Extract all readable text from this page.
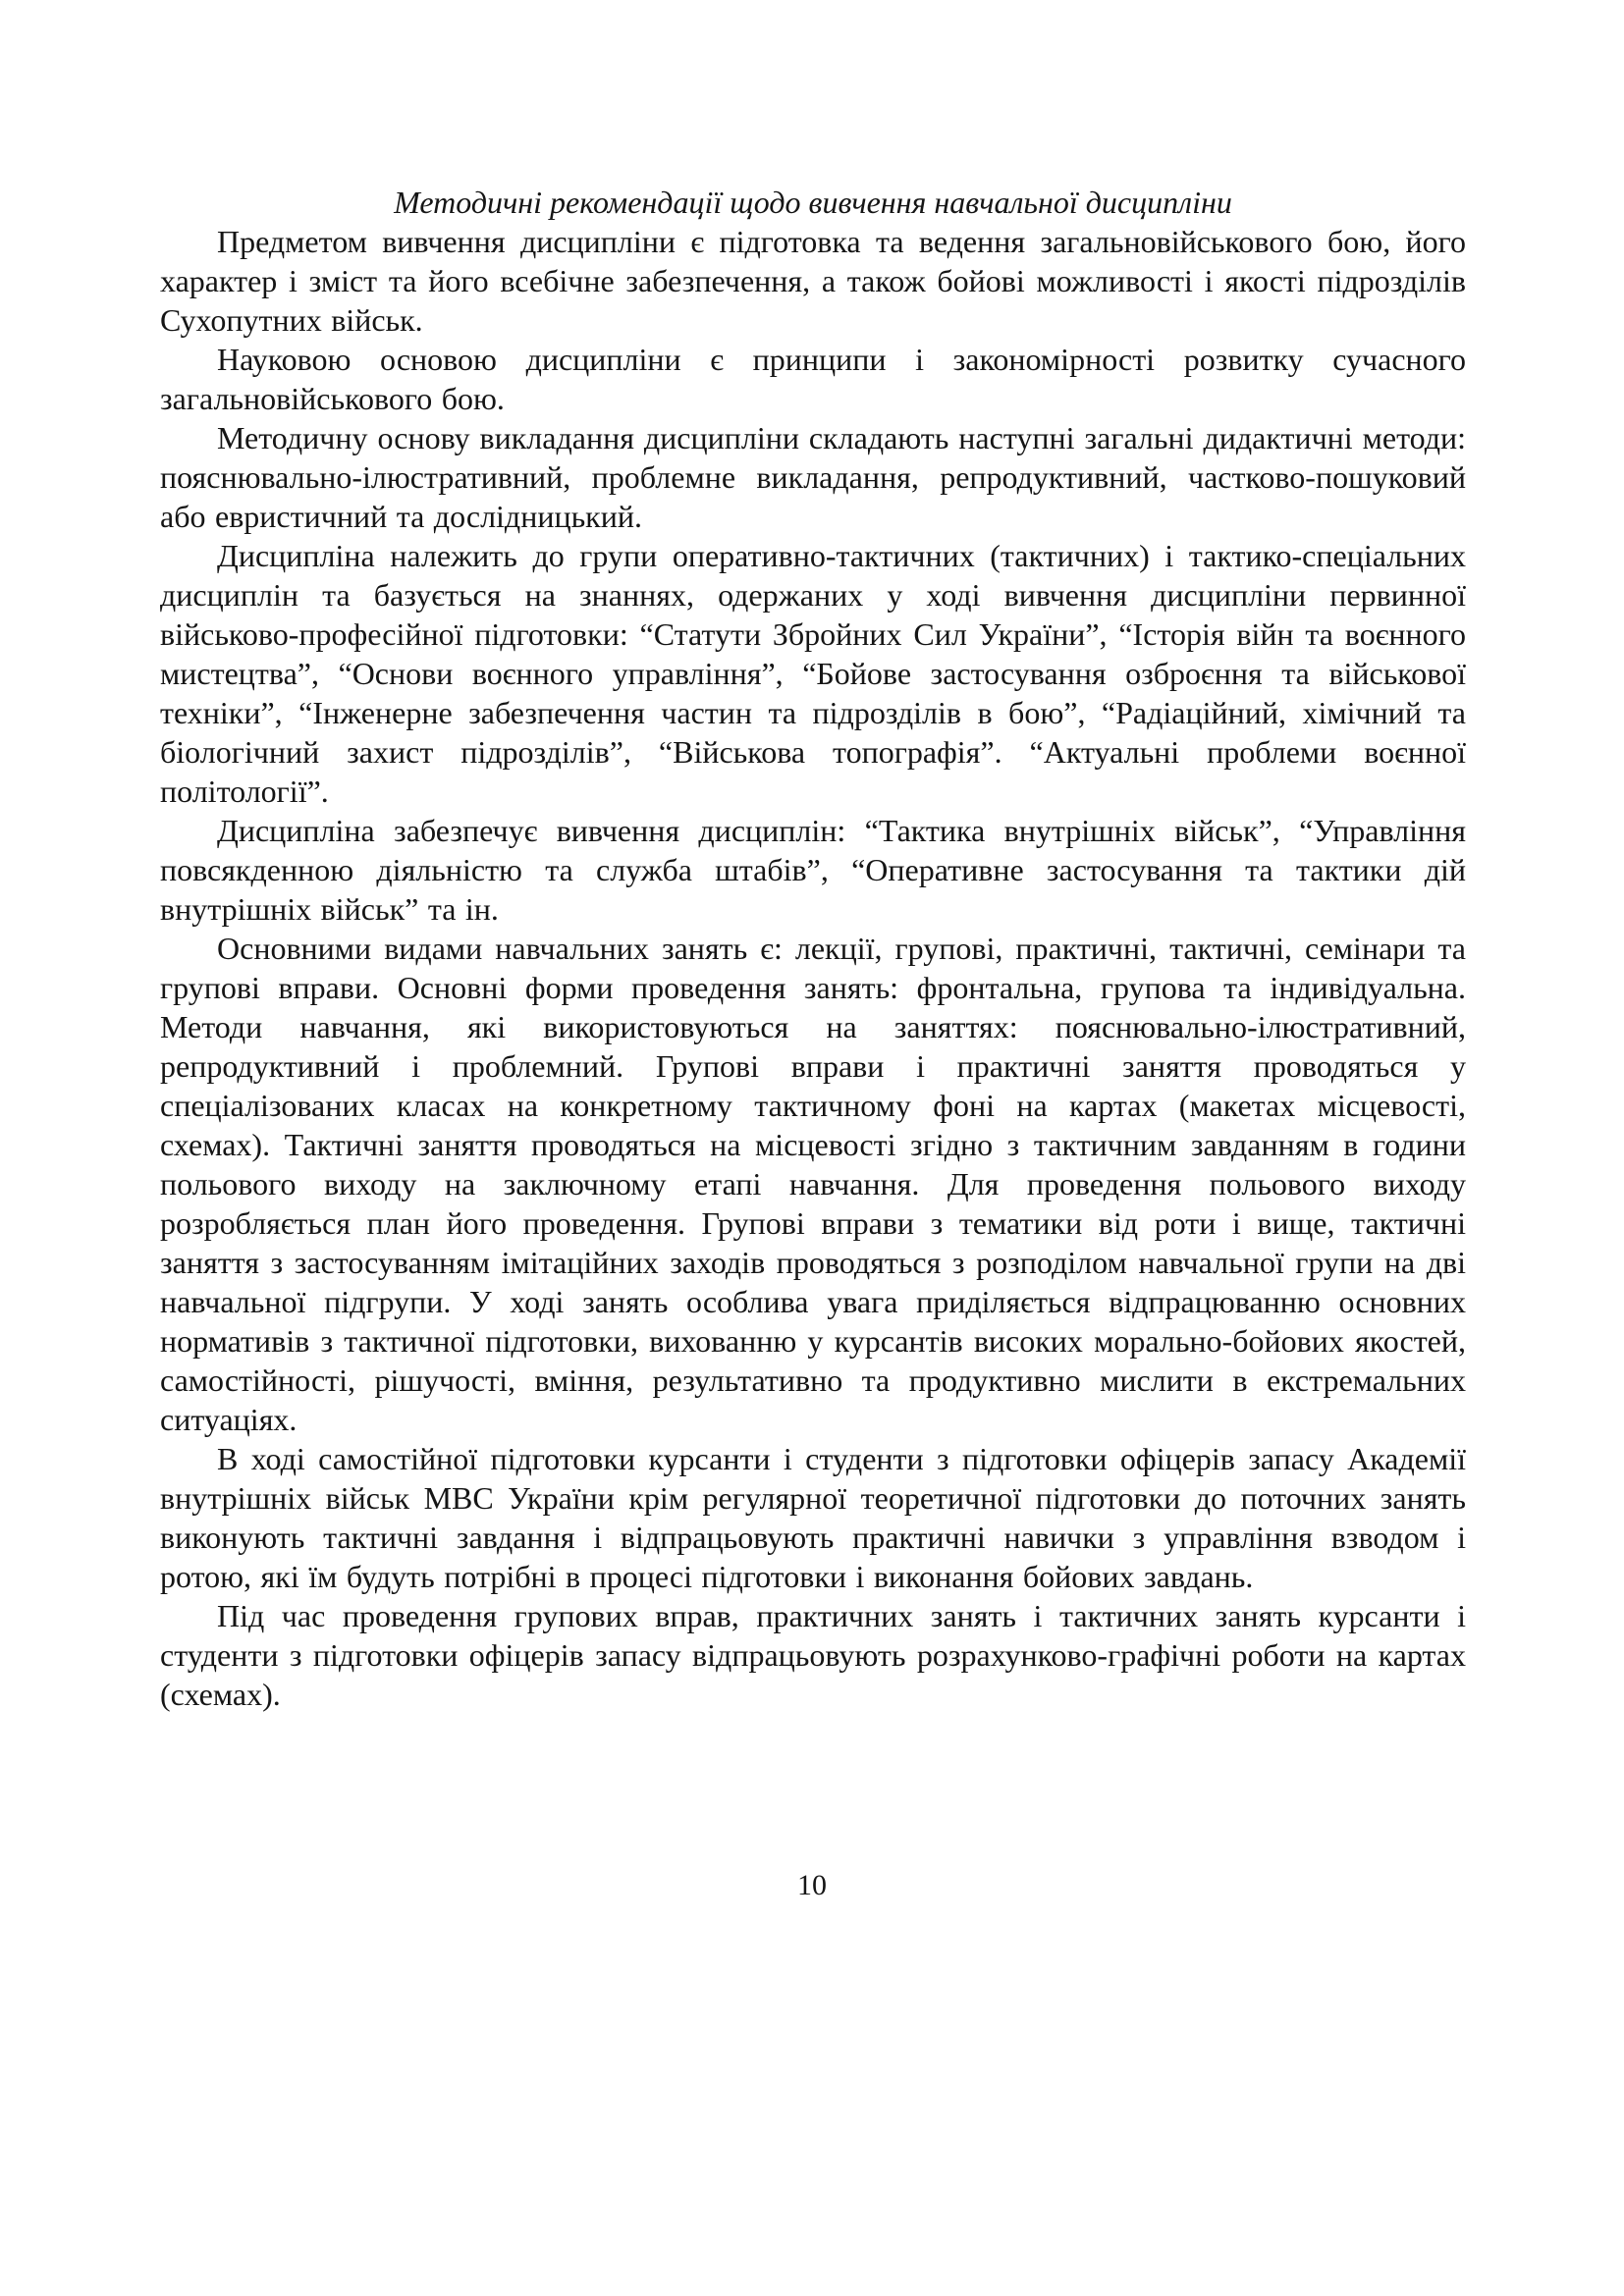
Методичні рекомендації щодо вивчення навчальної дисципліни

Предметом вивчення дисципліни є підготовка та ведення загальновійськового бою, його характер і зміст та його всебічне забезпечення, а також бойові можливості і якості підрозділів Сухопутних військ.

Науковою основою дисципліни є принципи і закономірності розвитку сучасного загальновійськового бою.

Методичну основу викладання дисципліни складають наступні загальні дидактичні методи: пояснювально-ілюстративний, проблемне викладання, репродуктивний, частково-пошуковий або евристичний та дослідницький.

Дисципліна належить до групи оперативно-тактичних (тактичних) і тактико-спеціальних дисциплін та базується на знаннях, одержаних у ході вивчення дисципліни первинної військово-професійної підготовки: “Статути Збройних Сил України”, “Історія війн та воєнного мистецтва”, “Основи воєнного управління”, “Бойове застосування озброєння та військової техніки”, “Інженерне забезпечення частин та підрозділів в бою”, “Радіаційний, хімічний та біологічний захист підрозділів”, “Військова топографія”. “Актуальні проблеми воєнної політології”.

Дисципліна забезпечує вивчення дисциплін: “Тактика внутрішніх військ”, “Управління повсякденною діяльністю та служба штабів”, “Оперативне застосування та тактики дій внутрішніх військ” та ін.

Основними видами навчальних занять є: лекції, групові, практичні, тактичні, семінари та групові вправи. Основні форми проведення занять: фронтальна, групова та індивідуальна. Методи навчання, які використовуються на заняттях: пояснювально-ілюстративний, репродуктивний і проблемний. Групові вправи і практичні заняття проводяться у спеціалізованих класах на конкретному тактичному фоні на картах (макетах місцевості, схемах). Тактичні заняття проводяться на місцевості згідно з тактичним завданням в години польового виходу на заключному етапі навчання. Для проведення польового виходу розробляється план його проведення. Групові вправи з тематики від роти і вище, тактичні заняття з застосуванням імітаційних заходів проводяться з розподілом навчальної групи на дві навчальної підгрупи. У ході занять особлива увага приділяється відпрацюванню основних нормативів з тактичної підготовки, вихованню у курсантів високих морально-бойових якостей, самостійності, рішучості, вміння, результативно та продуктивно мислити в екстремальних ситуаціях.

В ході самостійної підготовки курсанти і студенти з підготовки офіцерів запасу Академії внутрішніх військ МВС України крім регулярної теоретичної підготовки до поточних занять виконують тактичні завдання і відпрацьовують практичні навички з управління взводом і ротою, які їм будуть потрібні в процесі підготовки і виконання бойових завдань.

Під час проведення групових вправ, практичних занять і тактичних занять курсанти і студенти з підготовки офіцерів запасу відпрацьовують розрахунково-графічні роботи на картах (схемах).

10
